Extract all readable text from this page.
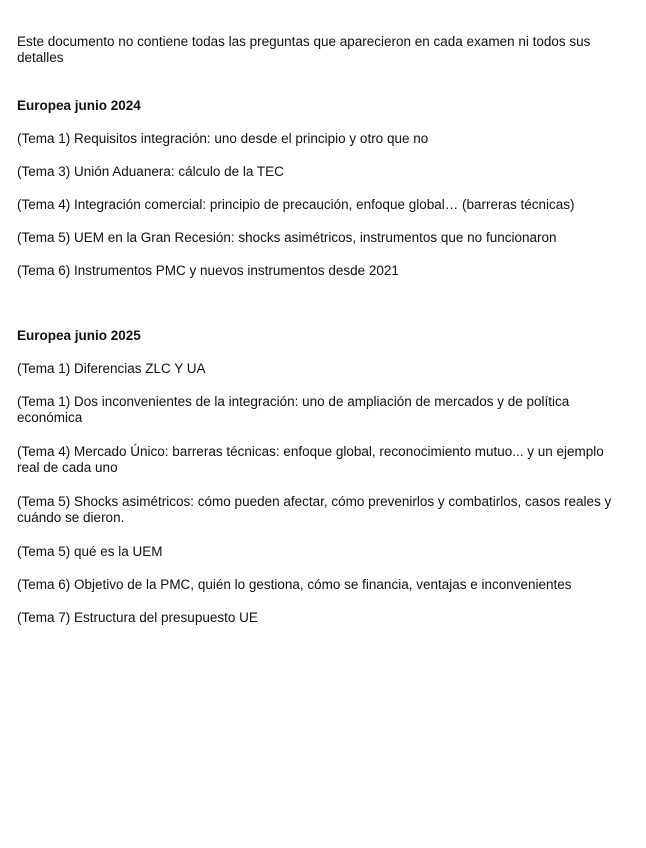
Este documento no contiene todas las preguntas que aparecieron en cada examen ni todos sus detalles

Europea junio 2024
(Tema 1) Requisitos integración: uno desde el principio y otro que no
(Tema 3) Unión Aduanera: cálculo de la TEC
(Tema 4) Integración comercial: principio de precaución, enfoque global… (barreras técnicas)
(Tema 5) UEM en la Gran Recesión: shocks asimétricos, instrumentos que no funcionaron
(Tema 6) Instrumentos PMC y nuevos instrumentos desde 2021
Europea junio 2025
(Tema 1) Diferencias ZLC Y UA
(Tema 1) Dos inconvenientes de la integración: uno de ampliación de mercados y de política económica
(Tema 4) Mercado Único: barreras técnicas: enfoque global, reconocimiento mutuo... y un ejemplo real de cada uno
(Tema 5) Shocks asimétricos: cómo pueden afectar, cómo prevenirlos y combatirlos, casos reales y cuándo se dieron.
(Tema 5) qué es la UEM
(Tema 6) Objetivo de la PMC, quién lo gestiona, cómo se financia, ventajas e inconvenientes
(Tema 7) Estructura del presupuesto UE
